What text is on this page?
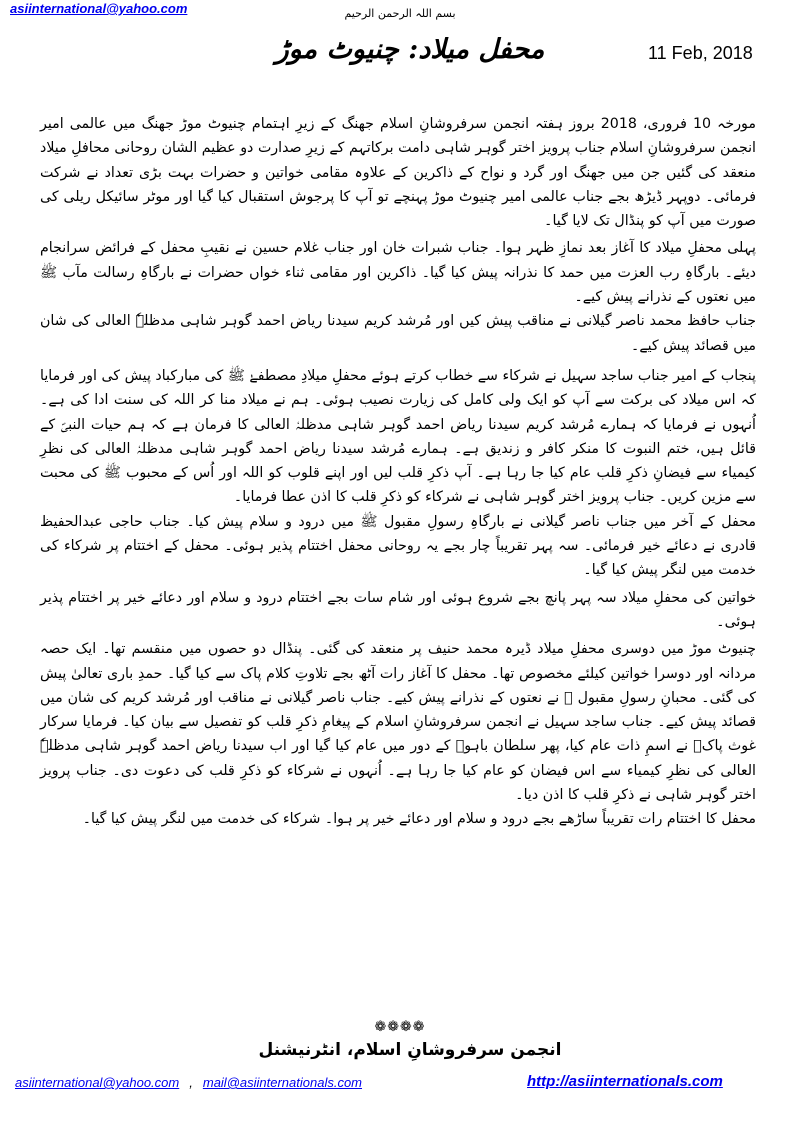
asiinternational@yahoo.com	بسم اللہ الرحمن الرحیم
11 Feb, 2018
محفل میلاد: چنیوٹ موڑ

مورخہ 10 فروری، 2018 بروز ہفتہ انجمن سرفروشانِ اسلام جھنگ کے زیرِ اہتمام چنیوٹ موڑ جھنگ میں عالمی امیر انجمن سرفروشانِ اسلام جناب پرویز اختر گوہر شاہی دامت برکاتہم کے زیرِ صدارت دو عظیم الشان روحانی محافلِ میلاد منعقد کی گئیں جن میں جھنگ اور گرد و نواح کے ذاکرین کے علاوہ مقامی خواتین و حضرات بہت بڑی تعداد نے شرکت فرمائی۔ دوپہر ڈیڑھ بجے جناب عالمی امیر چنیوٹ موڑ پہنچے تو آپ کا پرجوش استقبال کیا گیا اور موٹر سائیکل ریلی کی صورت میں آپ کو پنڈال تک لایا گیا۔

پہلی محفلِ میلاد کا آغاز بعد نمازِ ظہر ہوا۔ جناب شبرات خان اور جناب غلام حسین نے نقیبِ محفل کے فرائض سرانجام دیئے۔ بارگاہِ رب العزت میں حمد کا نذرانہ پیش کیا گیا۔ ذاکرین اور مقامی ثناء خواں حضرات نے بارگاہِ رسالت مآب ﷺ میں نعتوں کے نذرانے پیش کیے۔

جناب حافظ محمد ناصر گیلانی نے مناقب پیش کیں اور مُرشد کریم سیدنا ریاض احمد گوہر شاہی مدظلہٗ العالی کی شان میں قصائد پیش کیے۔

پنجاب کے امیر جناب ساجد سہیل نے شرکاء سے خطاب کرتے ہوئے محفلِ میلادِ مصطفےٰ ﷺ کی مبارکباد پیش کی اور فرمایا کہ اس میلاد کی برکت سے آپ کو ایک ولی کامل کی زیارت نصیب ہوئی۔ ہم نے میلاد منا کر اللہ کی سنت ادا کی ہے۔ اُنہوں نے فرمایا کہ ہمارے مُرشد کریم سیدنا ریاض احمد گوہر شاہی مدظلہٗ العالی کا فرمان ہے کہ ہم حیات النبیؐ کے قائل ہیں، ختم النبوت کا منکر کافر و زندیق ہے۔ ہمارے مُرشد سیدنا ریاض احمد گوہر شاہی مدظلہٗ العالی کی نظرِ کیمیاء سے فیضانِ ذکرِ قلب عام کیا جا رہا ہے۔ آپ ذکرِ قلب لیں اور اپنے قلوب کو اللہ اور اُس کے محبوب ﷺ کی محبت سے مزین کریں۔ جناب پرویز اختر گوہر شاہی نے شرکاء کو ذکرِ قلب کا اذن عطا فرمایا۔

محفل کے آخر میں جناب ناصر گیلانی نے بارگاہِ رسولِ مقبول ﷺ میں درود و سلام پیش کیا۔ جناب حاجی عبدالحفیظ قادری نے دعائے خیر فرمائی۔ سہ پہر تقریباً چار بجے یہ روحانی محفل اختتام پذیر ہوئی۔ محفل کے اختتام پر شرکاء کی خدمت میں لنگر پیش کیا گیا۔

خواتین کی محفلِ میلاد سہ پہر پانچ بجے شروع ہوئی اور شام سات بجے اختتام درود و سلام اور دعائے خیر پر اختتام پذیر ہوئی۔

چنیوٹ موڑ میں دوسری محفلِ میلاد ڈیرہ محمد حنیف پر منعقد کی گئی۔ پنڈال دو حصوں میں منقسم تھا۔ ایک حصہ مردانہ اور دوسرا خواتین کیلئے مخصوص تھا۔ محفل کا آغاز رات آٹھ بجے تلاوتِ کلام پاک سے کیا گیا۔ حمدِ باری تعالیٰ پیش کی گئی۔ محبانِ رسولِ مقبول ﷺ نے نعتوں کے نذرانے پیش کیے۔ جناب ناصر گیلانی نے مناقب اور مُرشد کریم کی شان میں قصائد پیش کیے۔ جناب ساجد سہیل نے انجمن سرفروشانِ اسلام کے پیغامِ ذکرِ قلب کو تفصیل سے بیان کیا۔ فرمایا سرکار غوث پاکؓ نے اسمِ ذات عام کیا، پھر سلطان باہوؒ کے دور میں عام کیا گیا اور اب سیدنا ریاض احمد گوہر شاہی مدظلہٗ العالی کی نظرِ کیمیاء سے اس فیضان کو عام کیا جا رہا ہے۔ اُنہوں نے شرکاء کو ذکرِ قلب کی دعوت دی۔ جناب پرویز اختر گوہر شاہی نے ذکرِ قلب کا اذن دیا۔

محفل کا اختتام رات تقریباً ساڑھے بجے درود و سلام اور دعائے خیر پر ہوا۔ شرکاء کی خدمت میں لنگر پیش کیا گیا۔

❁❁❁❁
انجمن سرفروشانِ اسلام، انٹرنیشنل
asiinternational@yahoo.com , mail@asiinternationals.com	http://asiinternationals.com
